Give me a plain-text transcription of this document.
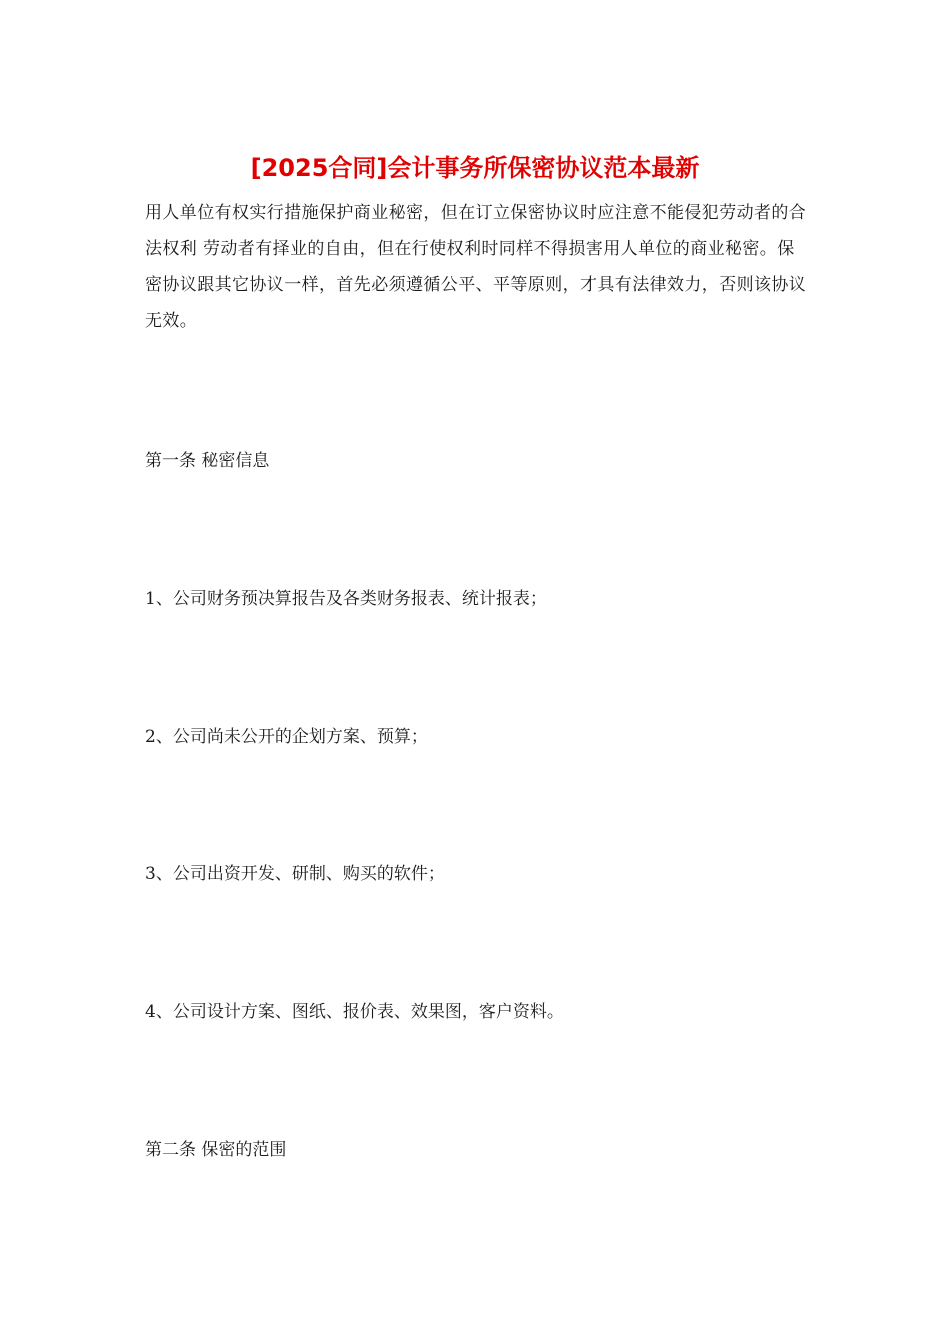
[2025合同]会计事务所保密协议范本最新

用人单位有权实行措施保护商业秘密，但在订立保密协议时应注意不能侵犯劳动者的合法权利 劳动者有择业的自由，但在行使权利时同样不得损害用人单位的商业秘密。保密协议跟其它协议一样，首先必须遵循公平、平等原则，才具有法律效力，否则该协议无效。

第一条 秘密信息

1、公司财务预决算报告及各类财务报表、统计报表；

2、公司尚未公开的企划方案、预算；

3、公司出资开发、研制、购买的软件；

4、公司设计方案、图纸、报价表、效果图，客户资料。

第二条 保密的范围
